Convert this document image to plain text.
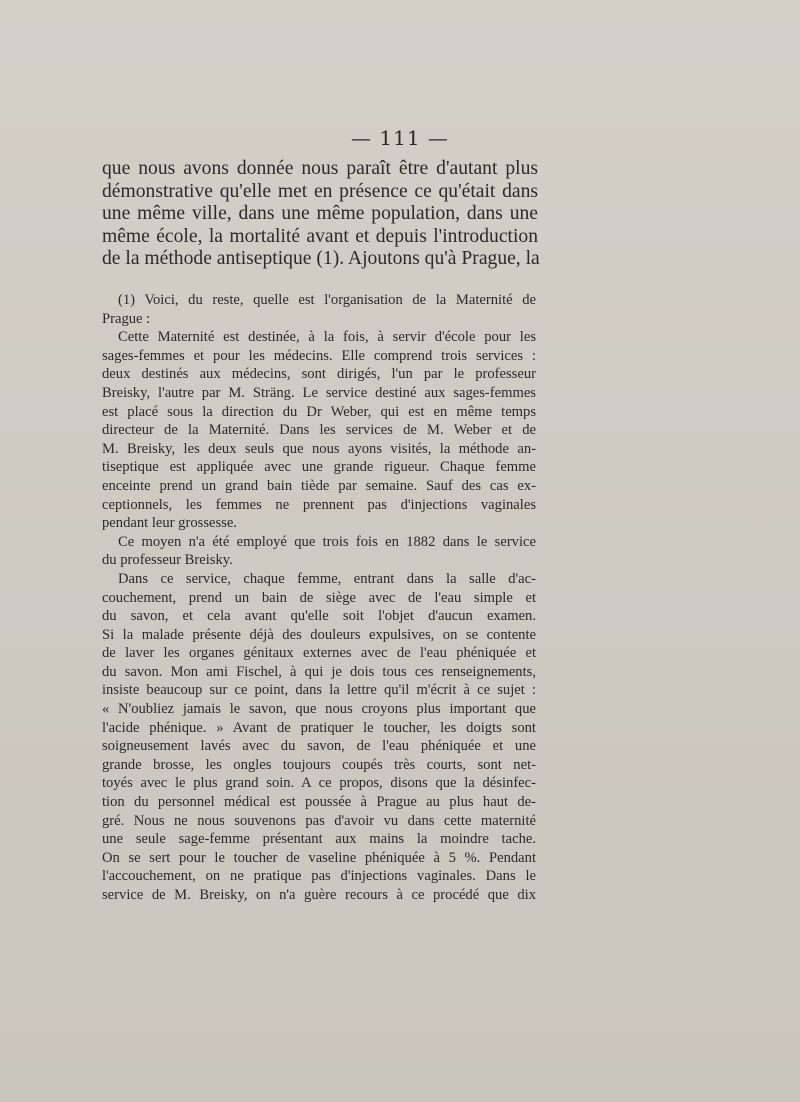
— 111 —
que nous avons donnée nous paraît être d'autant plus
démonstrative qu'elle met en présence ce qu'était dans
une même ville, dans une même population, dans une
même école, la mortalité avant et depuis l'introduction
de la méthode antiseptique (1). Ajoutons qu'à Prague, la
(1) Voici, du reste, quelle est l'organisation de la Maternité de
Prague :
Cette Maternité est destinée, à la fois, à servir d'école pour les
sages-femmes et pour les médecins. Elle comprend trois services :
deux destinés aux médecins, sont dirigés, l'un par le professeur
Breisky, l'autre par M. Sträng. Le service destiné aux sages-femmes
est placé sous la direction du Dr Weber, qui est en même temps
directeur de la Maternité. Dans les services de M. Weber et de
M. Breisky, les deux seuls que nous ayons visités, la méthode an-
tiseptique est appliquée avec une grande rigueur. Chaque femme
enceinte prend un grand bain tiède par semaine. Sauf des cas ex-
ceptionnels, les femmes ne prennent pas d'injections vaginales
pendant leur grossesse.
Ce moyen n'a été employé que trois fois en 1882 dans le service
du professeur Breisky.
Dans ce service, chaque femme, entrant dans la salle d'ac-
couchement, prend un bain de siège avec de l'eau simple et
du savon, et cela avant qu'elle soit l'objet d'aucun examen.
Si la malade présente déjà des douleurs expulsives, on se contente
de laver les organes génitaux externes avec de l'eau phéniquée et
du savon. Mon ami Fischel, à qui je dois tous ces renseignements,
insiste beaucoup sur ce point, dans la lettre qu'il m'écrit à ce sujet :
« N'oubliez jamais le savon, que nous croyons plus important que
l'acide phénique. » Avant de pratiquer le toucher, les doigts sont
soigneusement lavés avec du savon, de l'eau phéniquée et une
grande brosse, les ongles toujours coupés très courts, sont net-
toyés avec le plus grand soin. A ce propos, disons que la désinfec-
tion du personnel médical est poussée à Prague au plus haut de-
gré. Nous ne nous souvenons pas d'avoir vu dans cette maternité
une seule sage-femme présentant aux mains la moindre tache.
On se sert pour le toucher de vaseline phéniquée à 5 %. Pendant
l'accouchement, on ne pratique pas d'injections vaginales. Dans le
service de M. Breisky, on n'a guère recours à ce procédé que dix
